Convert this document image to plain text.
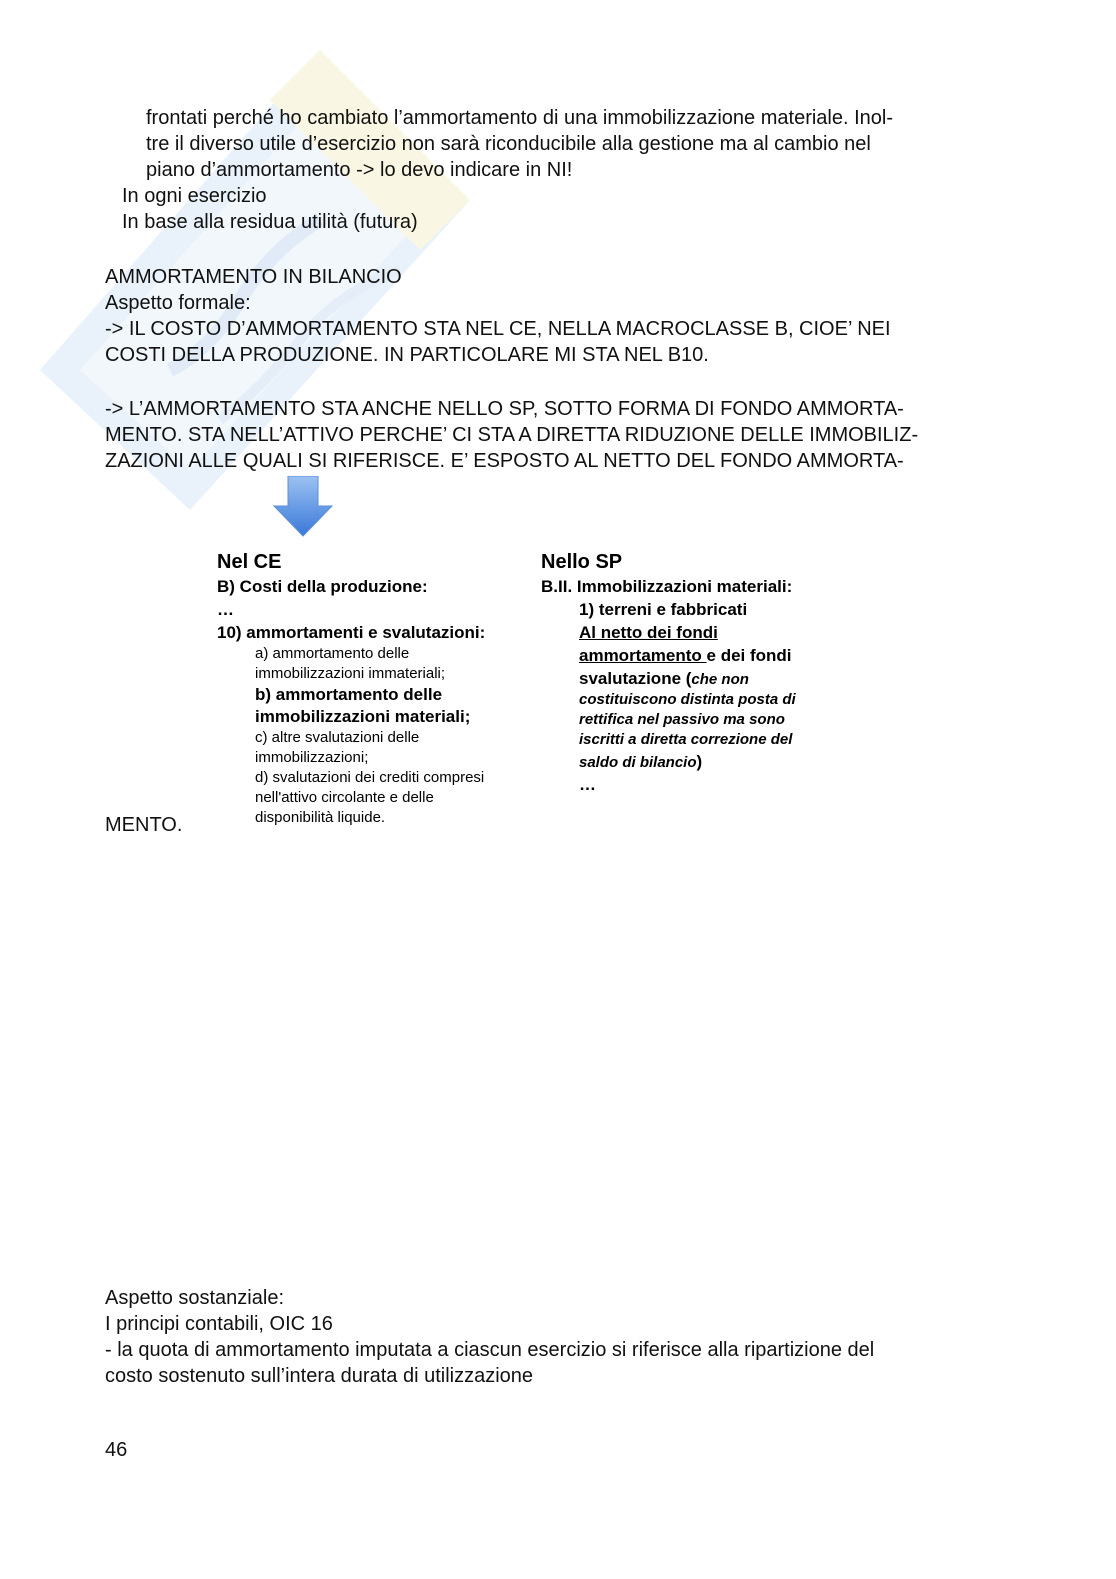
frontati perché ho cambiato l’ammortamento di una immobilizzazione materiale. Inol-
tre il diverso utile d’esercizio non sarà riconducibile alla gestione ma al cambio nel
piano d’ammortamento -> lo devo indicare in NI!
In ogni esercizio
In base alla residua utilità (futura)
AMMORTAMENTO IN BILANCIO
Aspetto formale:
-> IL COSTO D’AMMORTAMENTO STA NEL CE, NELLA MACROCLASSE B, CIOE’ NEI
COSTI DELLA PRODUZIONE. IN PARTICOLARE MI STA NEL B10.
-> L’AMMORTAMENTO STA ANCHE NELLO SP, SOTTO FORMA DI FONDO AMMORTA-
MENTO. STA NELL’ATTIVO PERCHE’ CI STA A DIRETTA RIDUZIONE DELLE IMMOBILIZ-
ZAZIONI ALLE QUALI SI RIFERISCE. E’ ESPOSTO AL NETTO DEL FONDO AMMORTA-
MENTO.
Nel CE
B) Costi della produzione:
…
10) ammortamenti e svalutazioni:
a) ammortamento delle
immobilizzazioni immateriali;
b) ammortamento delle
immobilizzazioni materiali;
c) altre svalutazioni delle
immobilizzazioni;
d) svalutazioni dei crediti compresi
nell'attivo circolante e delle
disponibilità liquide.
Nello SP
B.II. Immobilizzazioni materiali:
1) terreni e fabbricati
Al netto dei fondi
ammortamento e dei fondi
svalutazione (che non
costituiscono distinta posta di
rettifica nel passivo ma sono
iscritti a diretta correzione del
saldo di bilancio)
…
Aspetto sostanziale:
I principi contabili, OIC 16
- la quota di ammortamento imputata a ciascun esercizio si riferisce alla ripartizione del
costo sostenuto sull’intera durata di utilizzazione
46
